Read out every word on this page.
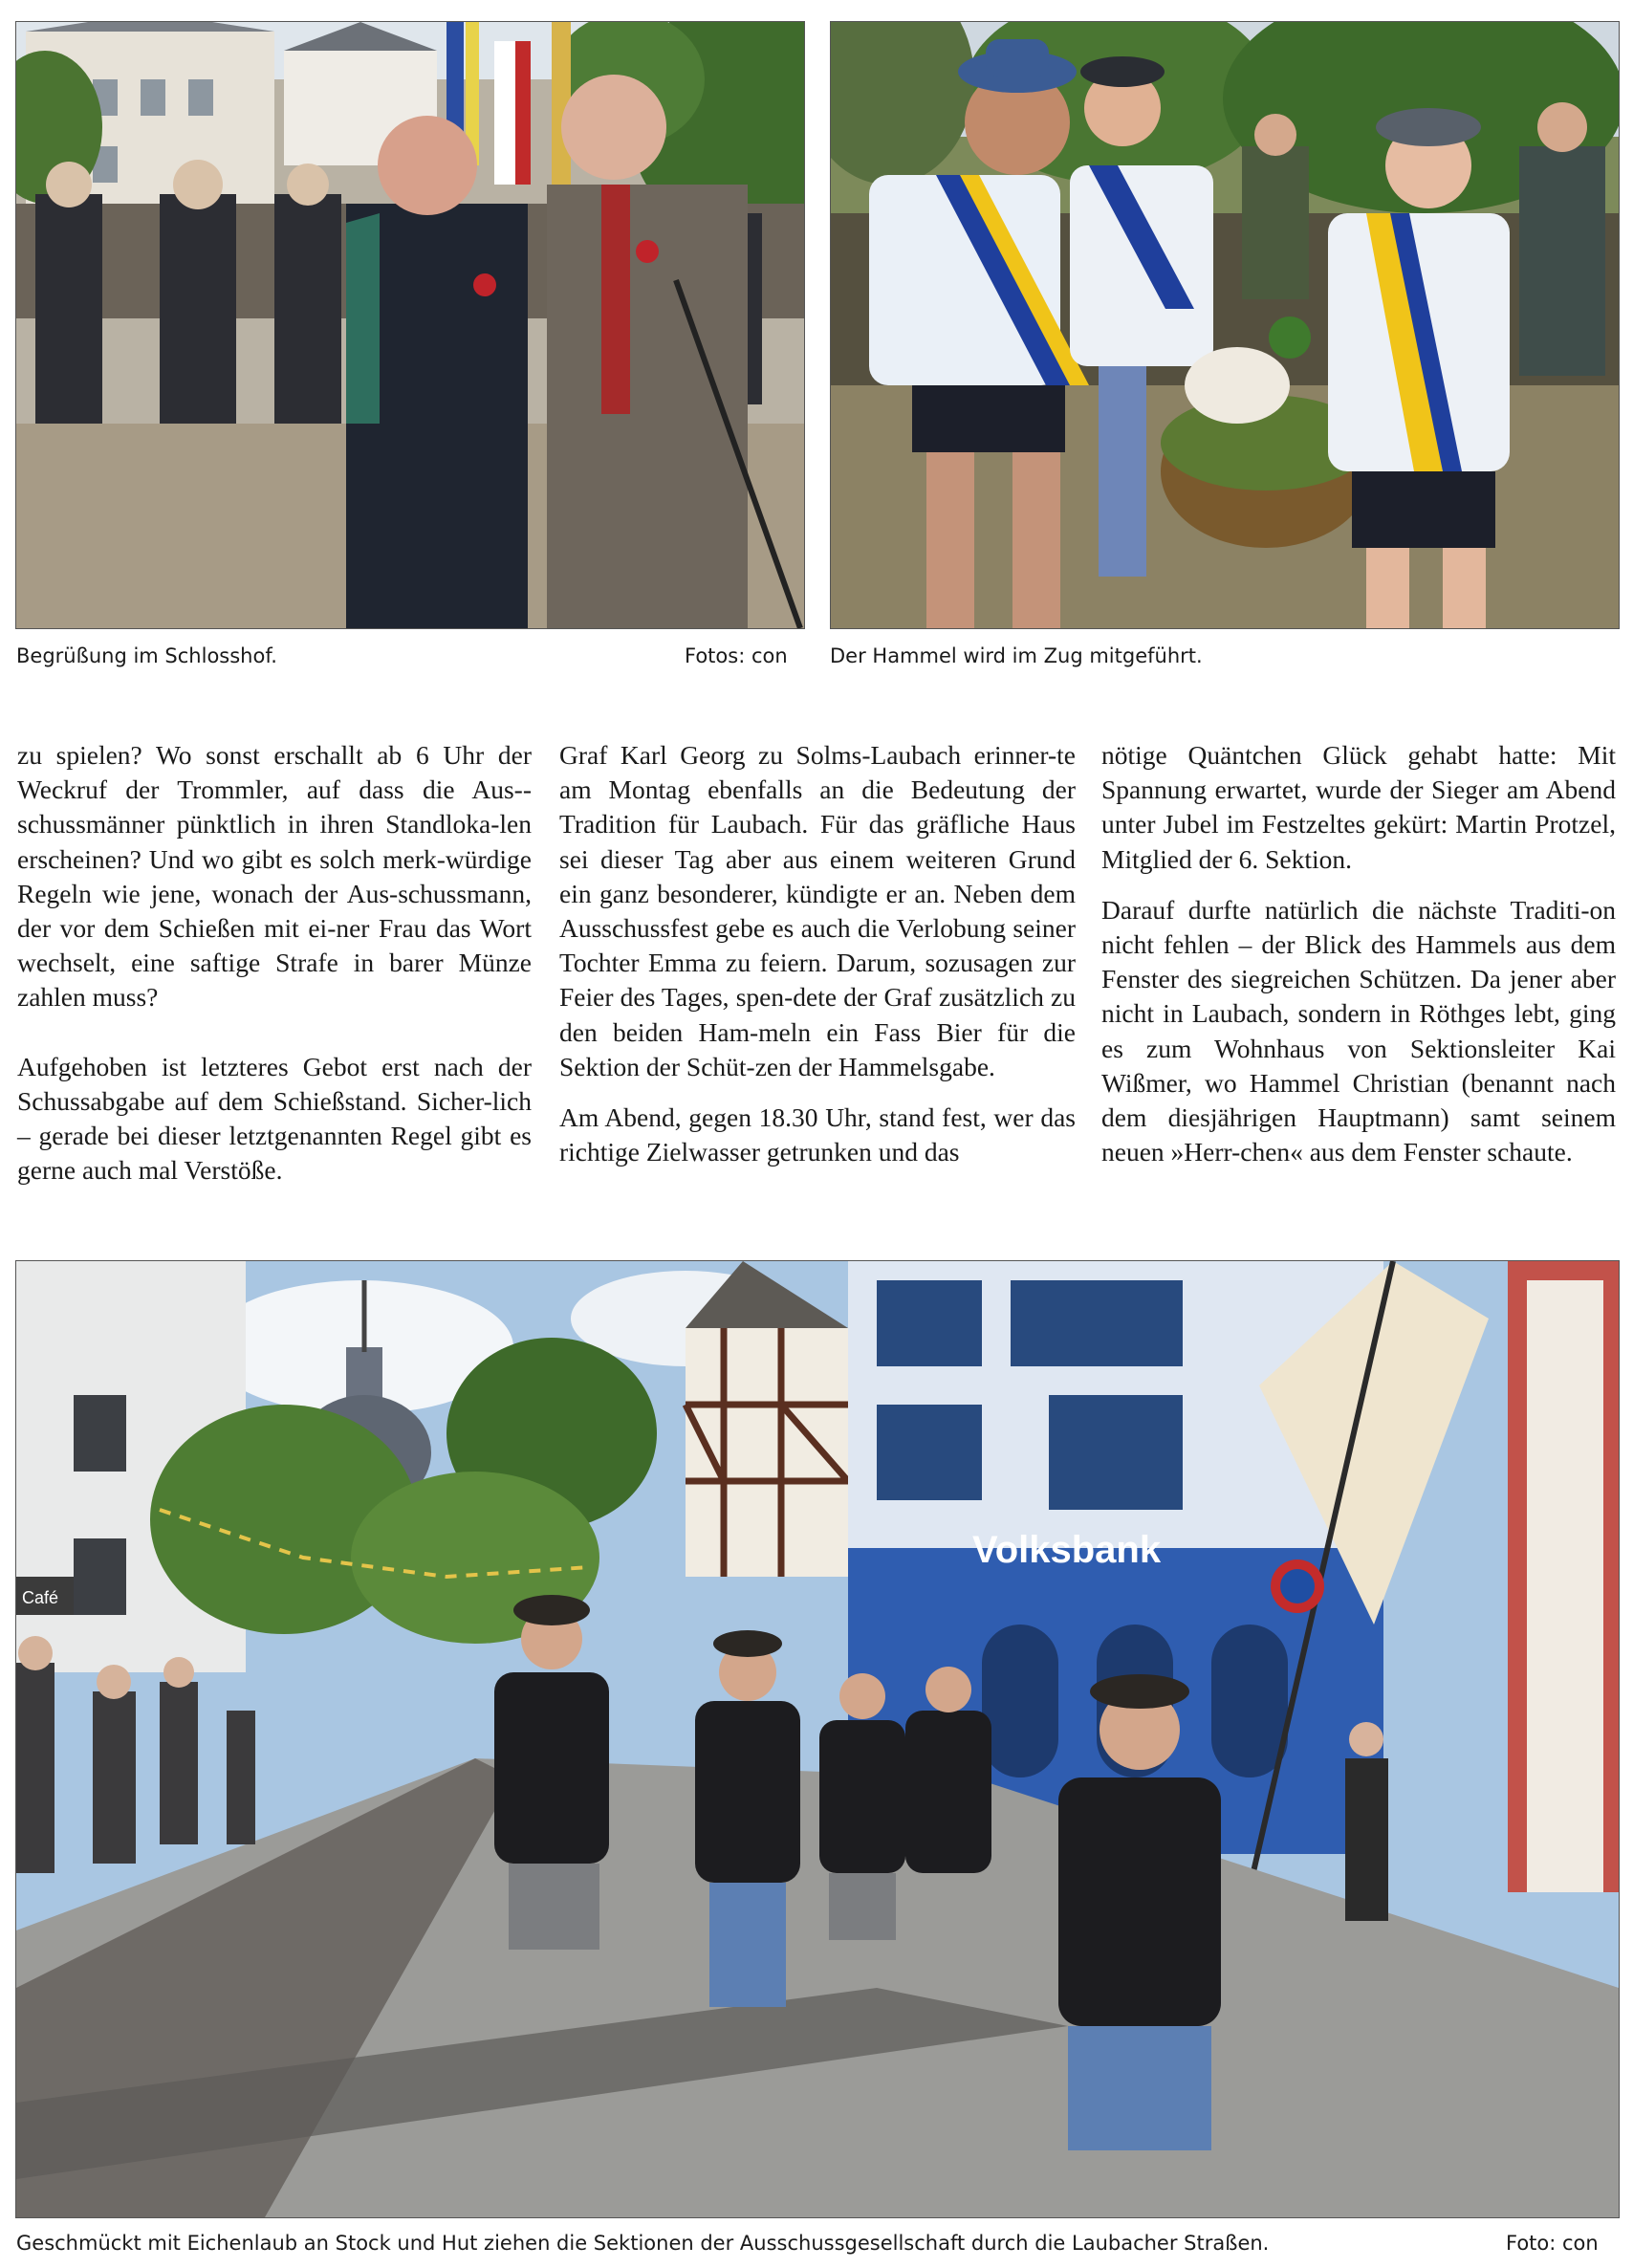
Begrüßung im Schlosshof.	Fotos: con Der Hammel wird im Zug mitgeführt.

zu spielen? Wo sonst erschallt ab 6 Uhr der Weckruf der Trommler, auf dass die Aus-schussmänner pünktlich in ihren Standloka-len erscheinen? Und wo gibt es solch merk-würdige Regeln wie jene, wonach der Aus-schussmann, der vor dem Schießen mit ei-ner Frau das Wort wechselt, eine saftige Strafe in barer Münze zahlen muss?

Aufgehoben ist letzteres Gebot erst nach der Schussabgabe auf dem Schießstand. Sicher-lich – gerade bei dieser letztgenannten Regel gibt es gerne auch mal Verstöße.

Graf Karl Georg zu Solms-Laubach erinner-te am Montag ebenfalls an die Bedeutung der Tradition für Laubach. Für das gräfliche Haus sei dieser Tag aber aus einem weiteren Grund ein ganz besonderer, kündigte er an. Neben dem Ausschussfest gebe es auch die Verlobung seiner Tochter Emma zu feiern. Darum, sozusagen zur Feier des Tages, spen-dete der Graf zusätzlich zu den beiden Ham-meln ein Fass Bier für die Sektion der Schüt-zen der Hammelsgabe.

Am Abend, gegen 18.30 Uhr, stand fest, wer das richtige Zielwasser getrunken und das

nötige Quäntchen Glück gehabt hatte: Mit Spannung erwartet, wurde der Sieger am Abend unter Jubel im Festzeltes gekürt: Martin Protzel, Mitglied der 6. Sektion.

Darauf durfte natürlich die nächste Traditi-on nicht fehlen – der Blick des Hammels aus dem Fenster des siegreichen Schützen. Da jener aber nicht in Laubach, sondern in Röthges lebt, ging es zum Wohnhaus von Sektionsleiter Kai Wißmer, wo Hammel Christian (benannt nach dem diesjährigen Hauptmann) samt seinem neuen »Herr-chen« aus dem Fenster schaute.

Café
Volksbank
Geschmückt mit Eichenlaub an Stock und Hut ziehen die Sektionen der Ausschussgesellschaft durch die Laubacher Straßen.	Foto: con
